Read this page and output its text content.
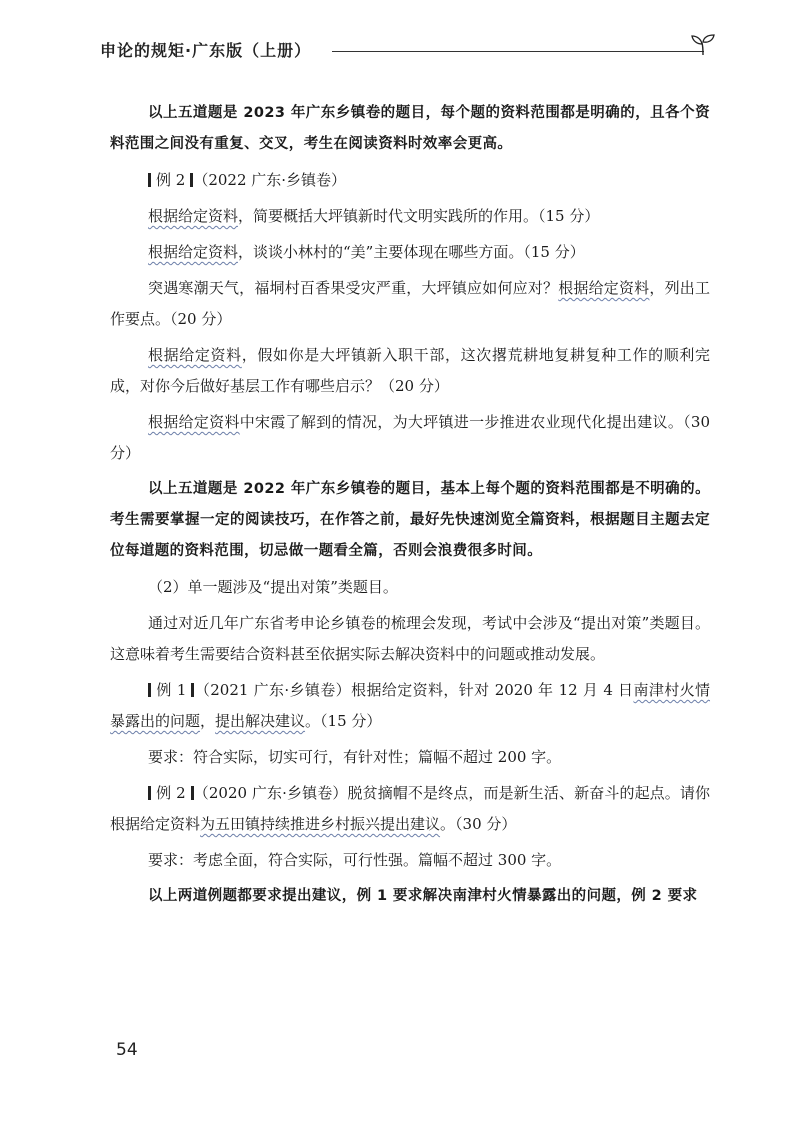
申论的规矩·广东版（上册）

以上五道题是 2023 年广东乡镇卷的题目，每个题的资料范围都是明确的，且各个资料范围之间没有重复、交叉，考生在阅读资料时效率会更高。

例 2 （2022 广东·乡镇卷）

根据给定资料，简要概括大坪镇新时代文明实践所的作用。（15 分）

根据给定资料，谈谈小林村的“美”主要体现在哪些方面。（15 分）

突遇寒潮天气，福垌村百香果受灾严重，大坪镇应如何应对？根据给定资料，列出工作要点。（20 分）

根据给定资料，假如你是大坪镇新入职干部，这次撂荒耕地复耕复种工作的顺利完成，对你今后做好基层工作有哪些启示？（20 分）

根据给定资料中宋霞了解到的情况，为大坪镇进一步推进农业现代化提出建议。（30 分）

以上五道题是 2022 年广东乡镇卷的题目，基本上每个题的资料范围都是不明确的。考生需要掌握一定的阅读技巧，在作答之前，最好先快速浏览全篇资料，根据题目主题去定位每道题的资料范围，切忌做一题看全篇，否则会浪费很多时间。

（2）单一题涉及“提出对策”类题目。

通过对近几年广东省考申论乡镇卷的梳理会发现，考试中会涉及“提出对策”类题目。这意味着考生需要结合资料甚至依据实际去解决资料中的问题或推动发展。

例 1 （2021 广东·乡镇卷）根据给定资料，针对 2020 年 12 月 4 日南津村火情暴露出的问题，提出解决建议。（15 分）

要求：符合实际，切实可行，有针对性；篇幅不超过 200 字。

例 2 （2020 广东·乡镇卷）脱贫摘帽不是终点，而是新生活、新奋斗的起点。请你根据给定资料为五田镇持续推进乡村振兴提出建议。（30 分）

要求：考虑全面，符合实际，可行性强。篇幅不超过 300 字。

以上两道例题都要求提出建议，例 1 要求解决南津村火情暴露出的问题，例 2 要求

54
